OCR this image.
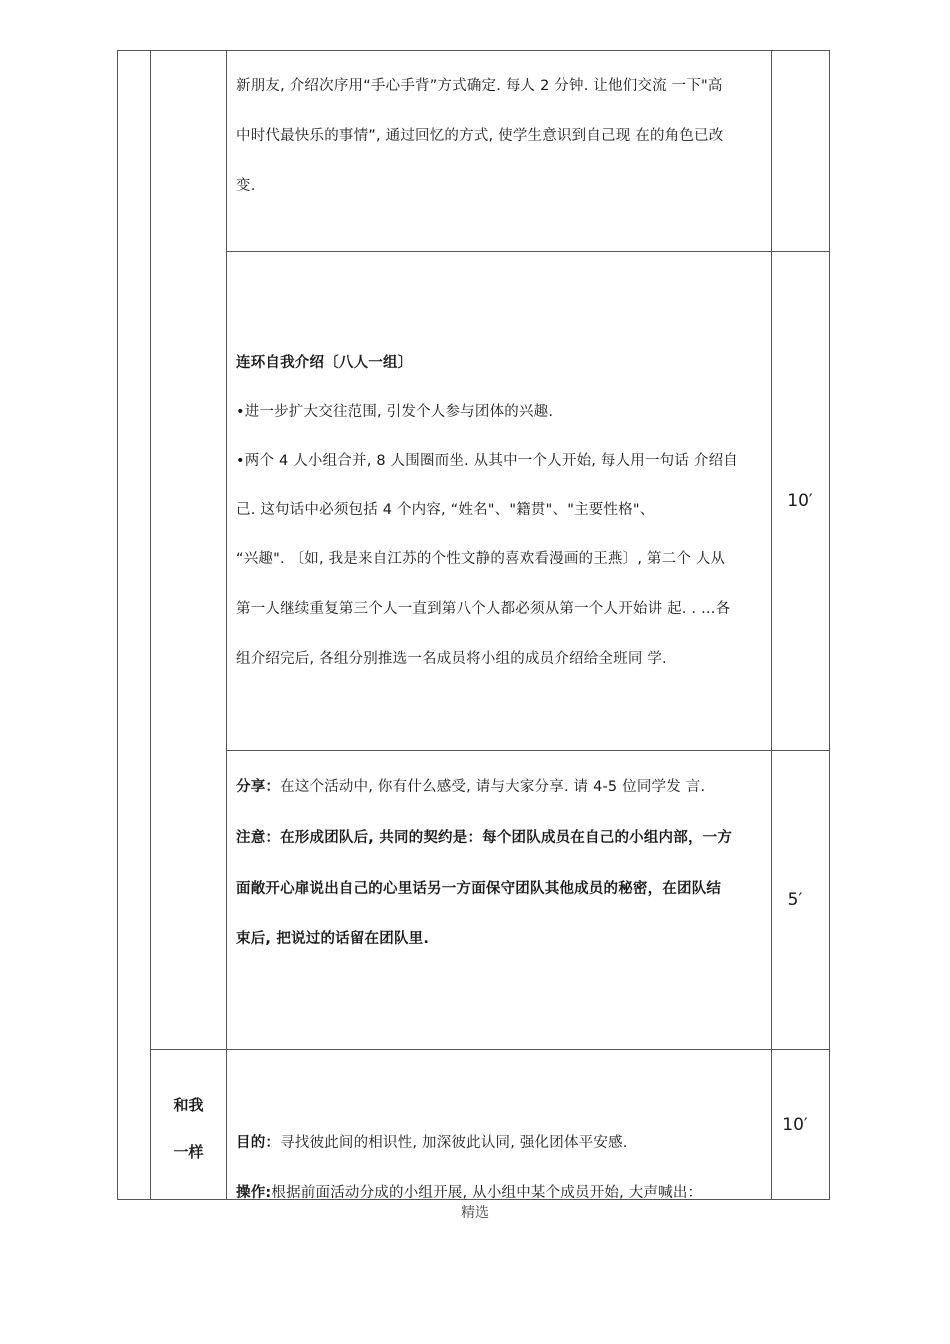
新朋友, 介绍次序用“手心手背”方式确定. 每人 2 分钟. 让他们交流 一下"高
中时代最快乐的事情”, 通过回忆的方式, 使学生意识到自己现 在的角色已改
变.
连环自我介绍〔八人一组〕
•进一步扩大交往范围, 引发个人参与团体的兴趣.
•两个 4 人小组合并, 8 人围圈而坐. 从其中一个人开始, 每人用一句话 介绍自
己. 这句话中必须包括 4 个内容, “姓名"、"籍贯"、"主要性格"、
“兴趣". 〔如, 我是来自江苏的个性文静的喜欢看漫画的王燕〕, 第二个 人从
第一人继续重复第三个人一直到第八个人都必须从第一个人开始讲 起. . …各
组介绍完后, 各组分别推选一名成员将小组的成员介绍给全班同 学.
10′
分享：在这个活动中, 你有什么感受, 请与大家分享. 请 4-5 位同学发 言.
注意：在形成团队后, 共同的契约是：每个团队成员在自己的小组内部，一方
面敞开心扉说出自己的心里话另一方面保守团队其他成员的秘密，在团队结
束后, 把说过的话留在团队里.
5′
和我
一样	目的：寻找彼此间的相识性, 加深彼此认同, 强化团体平安感.
操作:根据前面活动分成的小组开展, 从小组中某个成员开始, 大声喊出：
10′
精选
